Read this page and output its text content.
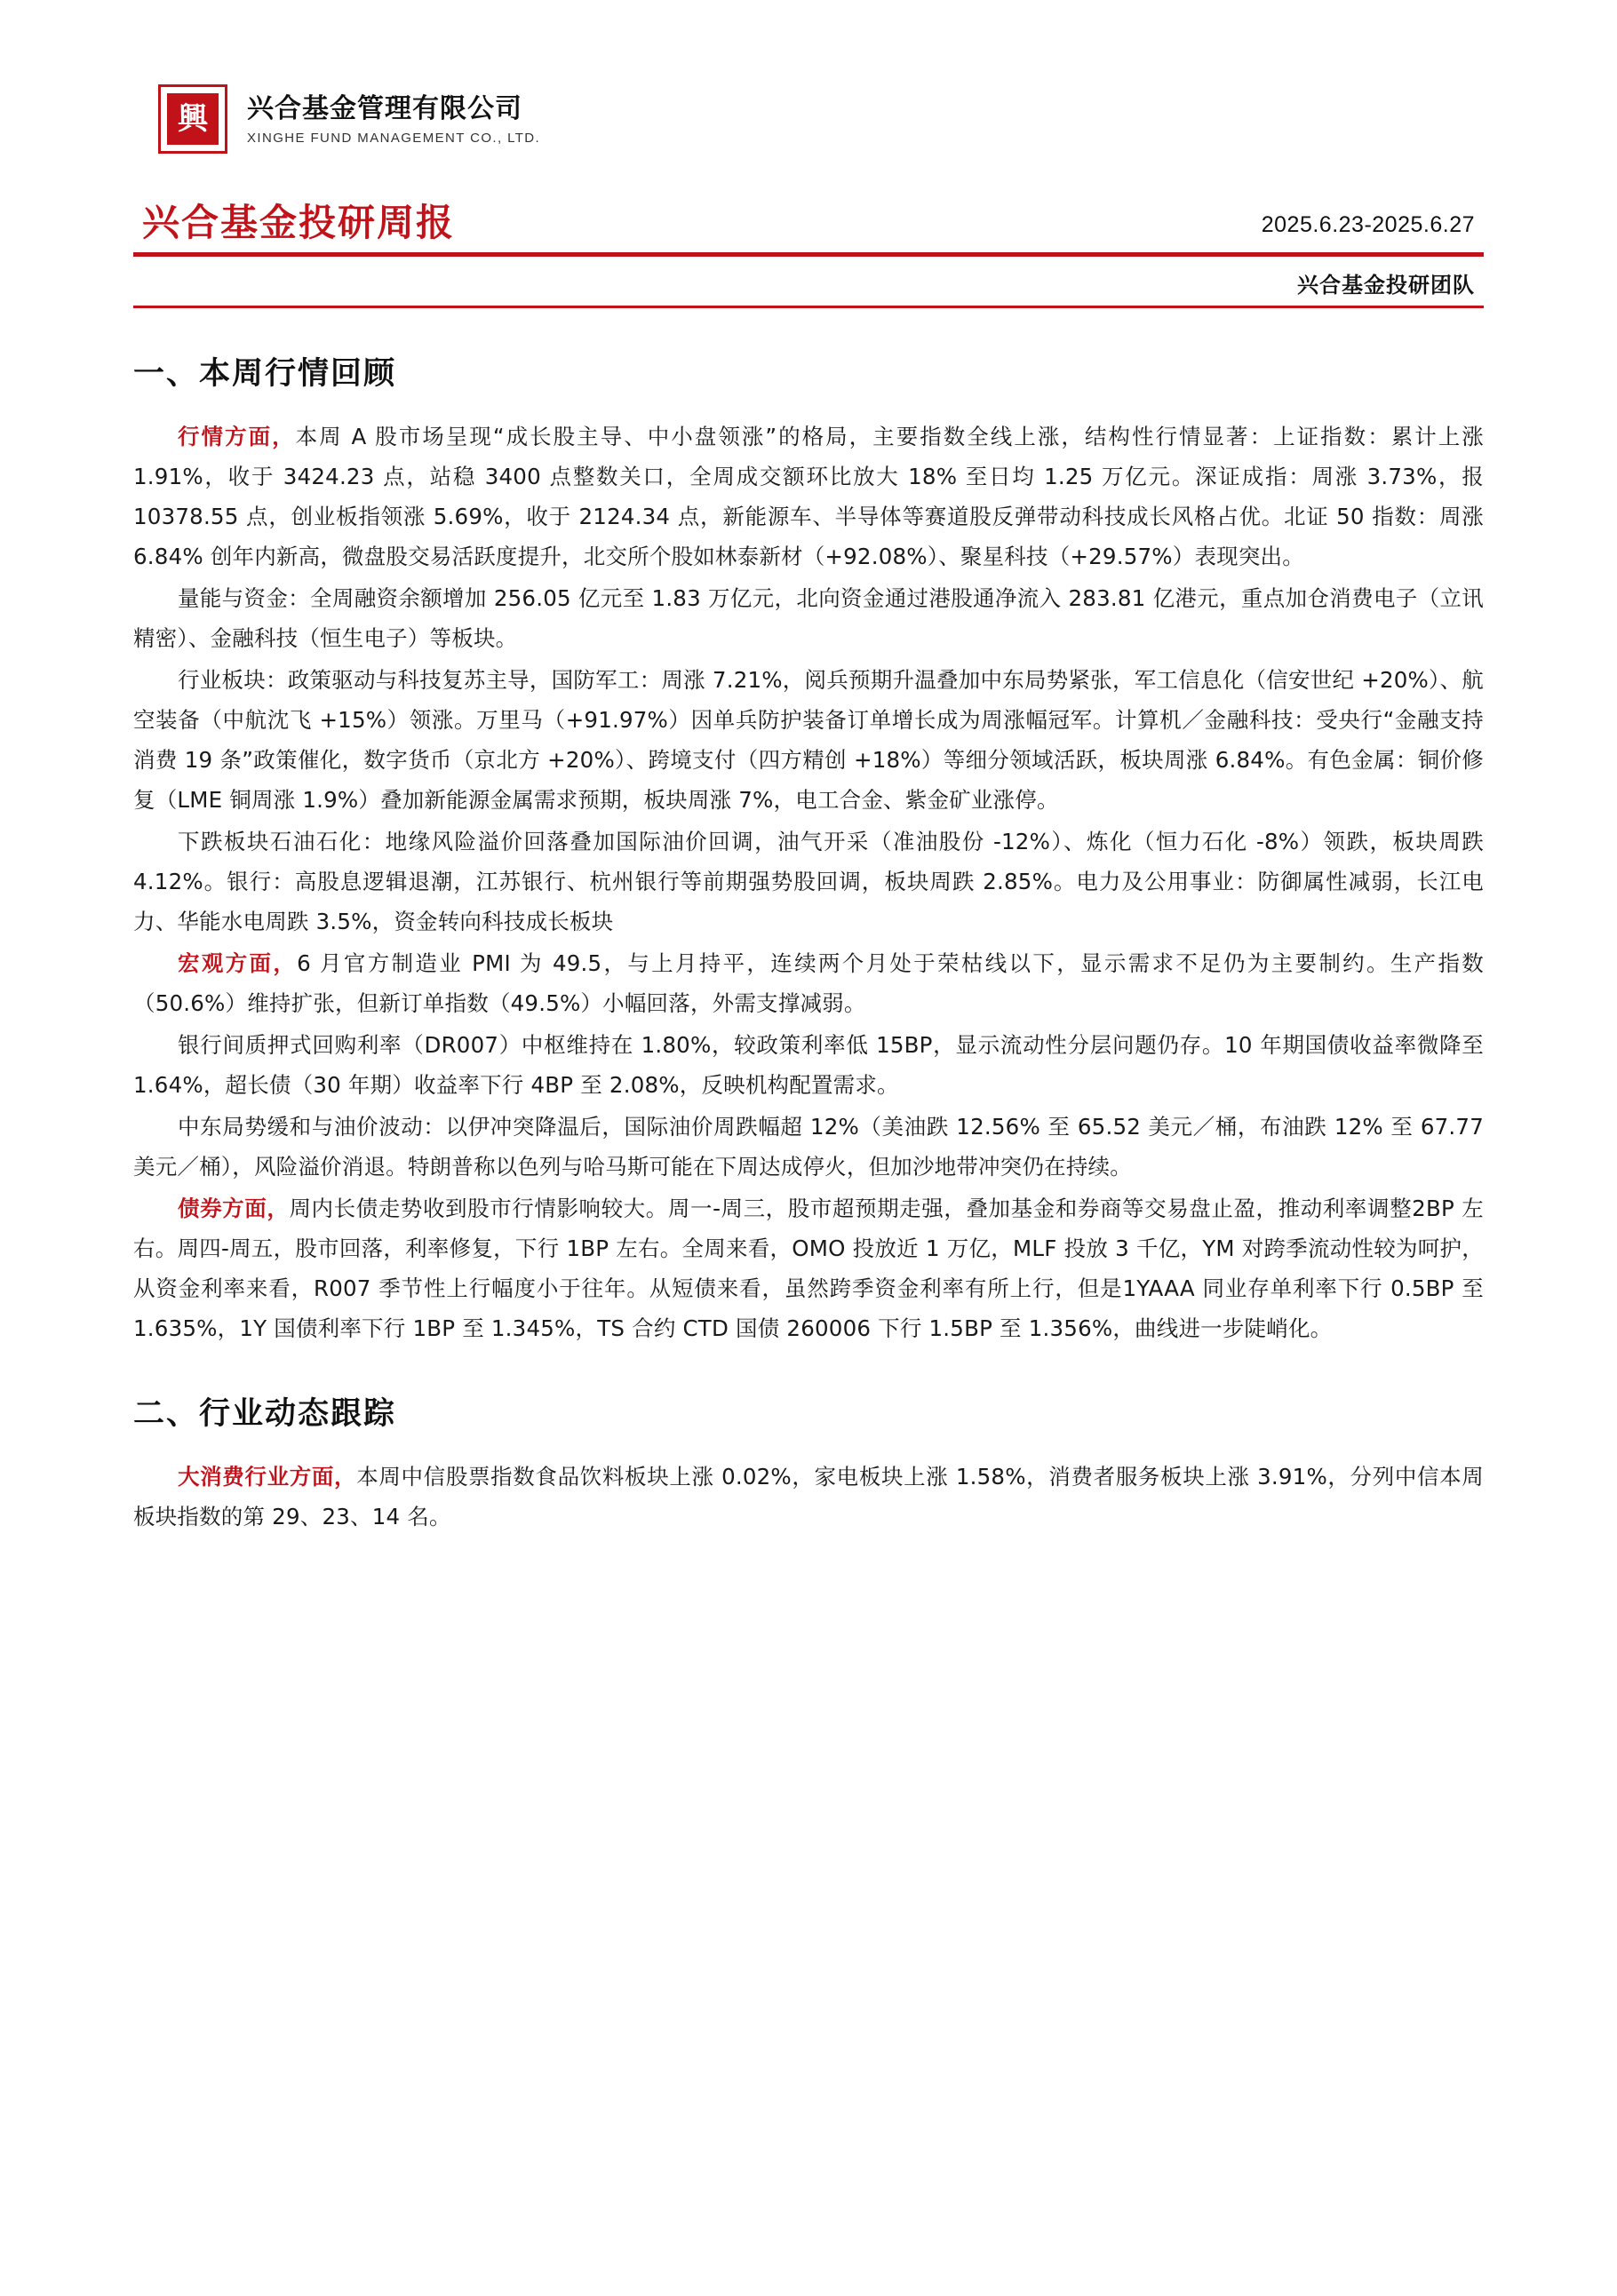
興	兴合基金管理有限公司
XINGHE FUND MANAGEMENT CO., LTD.
兴合基金投研周报	2025.6.23-2025.6.27
兴合基金投研团队
一、本周行情回顾

行情方面，本周 A 股市场呈现“成长股主导、中小盘领涨”的格局，主要指数全线上涨，结构性行情显著：上证指数：累计上涨 1.91%，收于 3424.23 点，站稳 3400 点整数关口，全周成交额环比放大 18% 至日均 1.25 万亿元。深证成指：周涨 3.73%，报 10378.55 点，创业板指领涨 5.69%，收于 2124.34 点，新能源车、半导体等赛道股反弹带动科技成长风格占优。北证 50 指数：周涨 6.84% 创年内新高，微盘股交易活跃度提升，北交所个股如林泰新材（+92.08%）、聚星科技（+29.57%）表现突出。

量能与资金：全周融资余额增加 256.05 亿元至 1.83 万亿元，北向资金通过港股通净流入 283.81 亿港元，重点加仓消费电子（立讯精密）、金融科技（恒生电子）等板块。

行业板块：政策驱动与科技复苏主导，国防军工：周涨 7.21%，阅兵预期升温叠加中东局势紧张，军工信息化（信安世纪 +20%）、航空装备（中航沈飞 +15%）领涨。万里马（+91.97%）因单兵防护装备订单增长成为周涨幅冠军。计算机／金融科技：受央行“金融支持消费 19 条”政策催化，数字货币（京北方 +20%）、跨境支付（四方精创 +18%）等细分领域活跃，板块周涨 6.84%。有色金属：铜价修复（LME 铜周涨 1.9%）叠加新能源金属需求预期，板块周涨 7%，电工合金、紫金矿业涨停。

下跌板块石油石化：地缘风险溢价回落叠加国际油价回调，油气开采（准油股份 -12%）、炼化（恒力石化 -8%）领跌，板块周跌 4.12%。银行：高股息逻辑退潮，江苏银行、杭州银行等前期强势股回调，板块周跌 2.85%。电力及公用事业：防御属性减弱，长江电力、华能水电周跌 3.5%，资金转向科技成长板块

宏观方面，6 月官方制造业 PMI 为 49.5，与上月持平，连续两个月处于荣枯线以下，显示需求不足仍为主要制约。生产指数（50.6%）维持扩张，但新订单指数（49.5%）小幅回落，外需支撑减弱。

银行间质押式回购利率（DR007）中枢维持在 1.80%，较政策利率低 15BP，显示流动性分层问题仍存。10 年期国债收益率微降至 1.64%，超长债（30 年期）收益率下行 4BP 至 2.08%，反映机构配置需求。

中东局势缓和与油价波动：以伊冲突降温后，国际油价周跌幅超 12%（美油跌 12.56% 至 65.52 美元／桶，布油跌 12% 至 67.77 美元／桶），风险溢价消退。特朗普称以色列与哈马斯可能在下周达成停火，但加沙地带冲突仍在持续。

债券方面，周内长债走势收到股市行情影响较大。周一-周三，股市超预期走强，叠加基金和券商等交易盘止盈，推动利率调整2BP 左右。周四-周五，股市回落，利率修复，下行 1BP 左右。全周来看，OMO 投放近 1 万亿，MLF 投放 3 千亿，YM 对跨季流动性较为呵护，从资金利率来看，R007 季节性上行幅度小于往年。从短债来看，虽然跨季资金利率有所上行，但是1YAAA 同业存单利率下行 0.5BP 至 1.635%，1Y 国债利率下行 1BP 至 1.345%，TS 合约 CTD 国债 260006 下行 1.5BP 至 1.356%，曲线进一步陡峭化。

二、行业动态跟踪

大消费行业方面，本周中信股票指数食品饮料板块上涨 0.02%，家电板块上涨 1.58%，消费者服务板块上涨 3.91%，分列中信本周板块指数的第 29、23、14 名。
